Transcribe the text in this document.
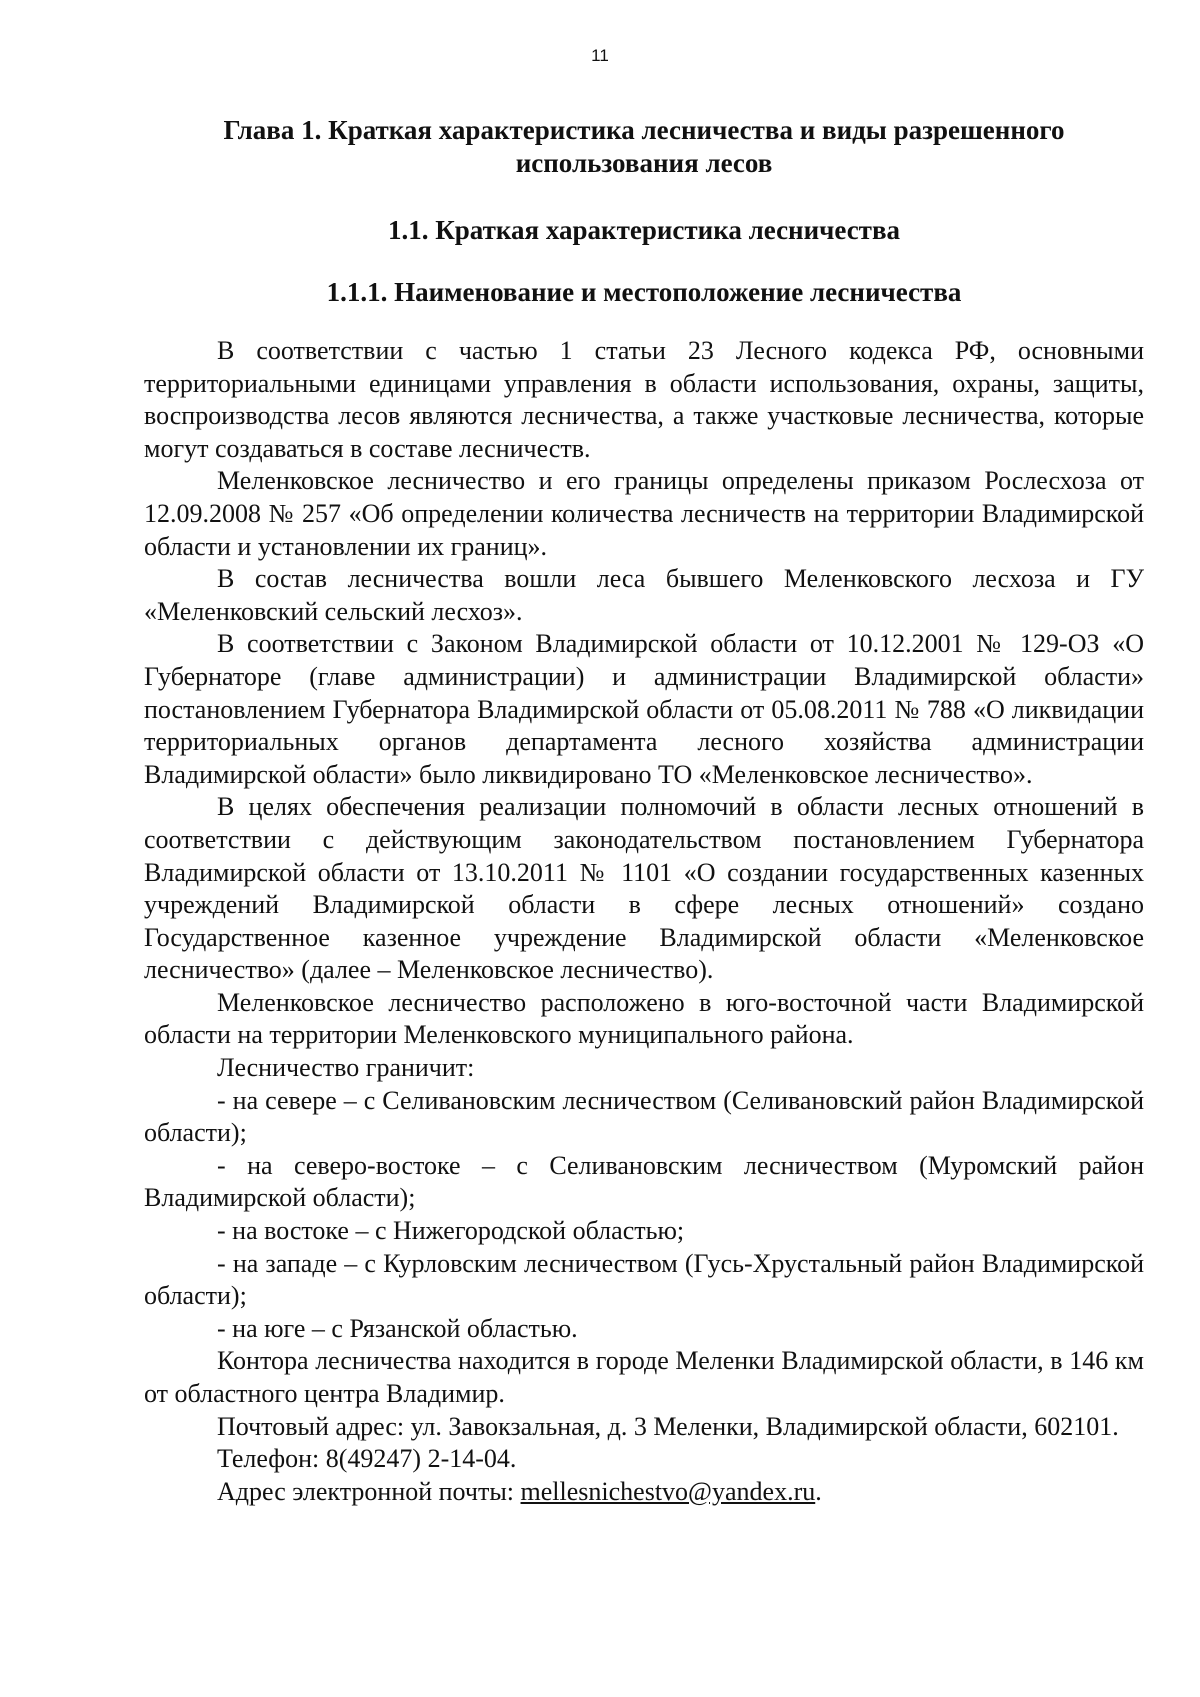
11
Глава 1. Краткая характеристика лесничества и виды разрешенного
использования лесов
1.1. Краткая характеристика лесничества
1.1.1. Наименование и местоположение лесничества

В соответствии с частью 1 статьи 23 Лесного кодекса РФ, основными территориальными единицами управления в области использования, охраны, защиты, воспроизводства лесов являются лесничества, а также участковые лесничества, которые могут создаваться в составе лесничеств.

Меленковское лесничество и его границы определены приказом Рослесхоза от 12.09.2008 № 257 «Об определении количества лесничеств на территории Владимирской области и установлении их границ».

В состав лесничества вошли леса бывшего Меленковского лесхоза и ГУ «Меленковский сельский лесхоз».

В соответствии с Законом Владимирской области от 10.12.2001 № 129-ОЗ «О Губернаторе (главе администрации) и администрации Владимирской области» постановлением Губернатора Владимирской области от 05.08.2011 № 788 «О ликвидации территориальных органов департамента лесного хозяйства администрации Владимирской области» было ликвидировано ТО «Меленковское лесничество».

В целях обеспечения реализации полномочий в области лесных отношений в соответствии с действующим законодательством постановлением Губернатора Владимирской области от 13.10.2011 № 1101 «О создании государственных казенных учреждений Владимирской области в сфере лесных отношений» создано Государственное казенное учреждение Владимирской области «Меленковское лесничество» (далее – Меленковское лесничество).

Меленковское лесничество расположено в юго-восточной части Владимирской области на территории Меленковского муниципального района.

Лесничество граничит:

- на севере – с Селивановским лесничеством (Селивановский район Владимирской области);

- на северо-востоке – с Селивановским лесничеством (Муромский район Владимирской области);

- на востоке – с Нижегородской областью;

- на западе – с Курловским лесничеством (Гусь-Хрустальный район Владимирской области);

- на юге – с Рязанской областью.

Контора лесничества находится в городе Меленки Владимирской области, в 146 км от областного центра Владимир.

Почтовый адрес: ул. Завокзальная, д. 3 Меленки, Владимирской области, 602101.

Телефон: 8(49247) 2-14-04.

Адрес электронной почты: mellesnichestvo@yandex.ru.
